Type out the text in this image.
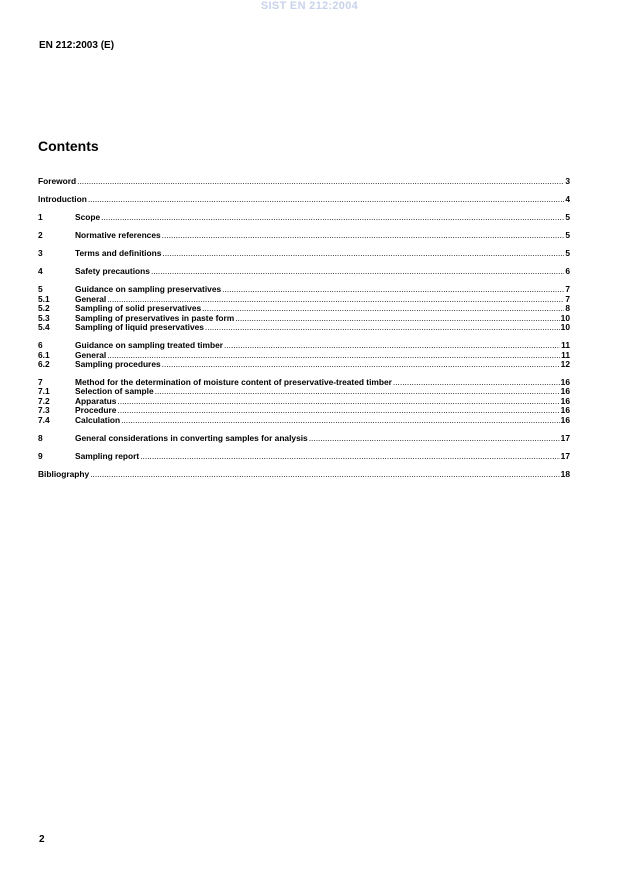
SIST EN 212:2004
EN 212:2003 (E)
Contents
Foreword .....	3
Introduction .....	4
1	Scope .....	5
2	Normative references .....	5
3	Terms and definitions .....	5
4	Safety precautions .....	6
5	Guidance on sampling preservatives .....	7
5.1	General .....	7
5.2	Sampling of solid preservatives .....	8
5.3	Sampling of preservatives in paste form .....	10
5.4	Sampling of liquid preservatives .....	10
6	Guidance on sampling treated timber .....	11
6.1	General .....	11
6.2	Sampling procedures .....	12
7	Method for the determination of moisture content of preservative-treated timber .....	16
7.1	Selection of sample .....	16
7.2	Apparatus .....	16
7.3	Procedure .....	16
7.4	Calculation .....	16
8	General considerations in converting samples for analysis .....	17
9	Sampling report .....	17
Bibliography .....	18
2
